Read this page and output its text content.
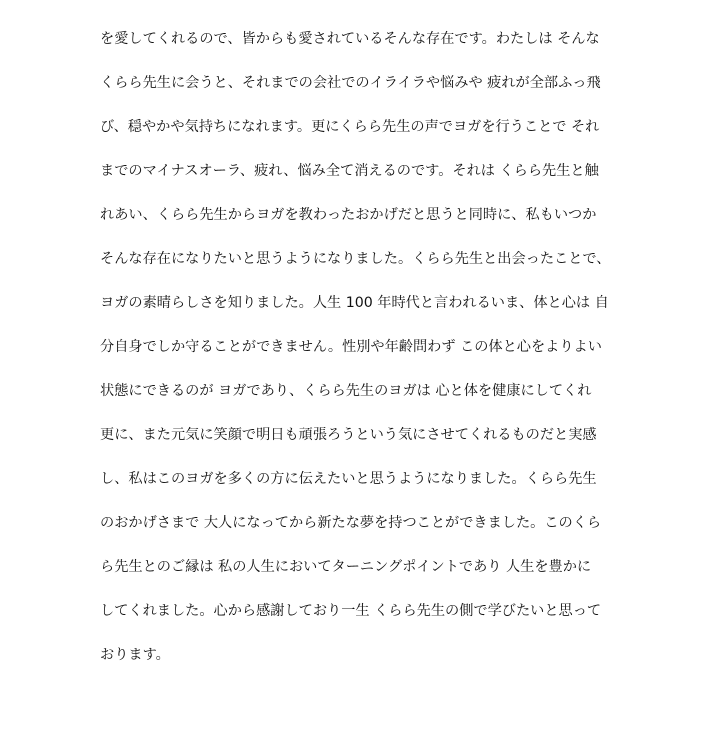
を愛してくれるので、皆からも愛されているそんな存在です。わたしは そんな
くらら先生に会うと、それまでの会社でのイライラや悩みや 疲れが全部ふっ飛
び、穏やかや気持ちになれます。更にくらら先生の声でヨガを行うことで それ
までのマイナスオーラ、疲れ、悩み全て消えるのです。それは くらら先生と触
れあい、くらら先生からヨガを教わったおかげだと思うと同時に、私もいつか
そんな存在になりたいと思うようになりました。くらら先生と出会ったことで、
ヨガの素晴らしさを知りました。人生 100 年時代と言われるいま、体と心は 自
分自身でしか守ることができません。性別や年齢問わず この体と心をよりよい
状態にできるのが ヨガであり、くらら先生のヨガは 心と体を健康にしてくれ
更に、また元気に笑顔で明日も頑張ろうという気にさせてくれるものだと実感
し、私はこのヨガを多くの方に伝えたいと思うようになりました。くらら先生
のおかげさまで 大人になってから新たな夢を持つことができました。このくら
ら先生とのご縁は 私の人生においてターニングポイントであり 人生を豊かに
してくれました。心から感謝しており一生 くらら先生の側で学びたいと思って
おります。
